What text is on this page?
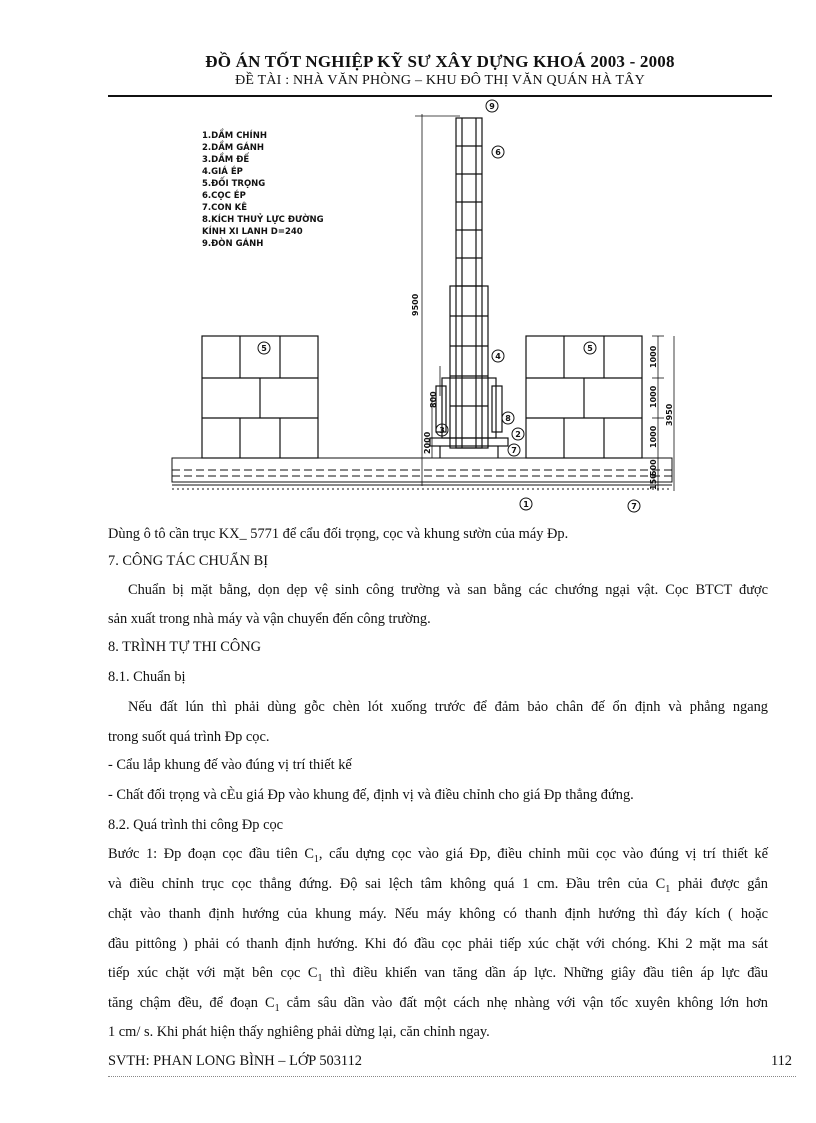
ĐỒ ÁN TỐT NGHIỆP KỸ SƯ XÂY DỰNG KHOÁ 2003 - 2008
ĐỀ TÀI : NHÀ VĂN PHÒNG – KHU ĐÔ THỊ VĂN QUÁN HÀ TÂY
1.DẦM CHÍNH
2.DẦM GÁNH
3.DẦM ĐẾ
4.GIÁ ÉP
5.ĐỐI TRỌNG
6.CỌC ÉP
7.CON KÊ
8.KÍCH THUỶ LỰC ĐƯỜNG
KÍNH XI LANH D=240
9.ĐÒN GÁNH
9500
800
2000
1000
1000
1000
500
150
3950
9
6
4
5	5
8
3	2
7
1	7
Dùng ô tô cần trục KX_ 5771 để cẩu đối trọng, cọc và khung sườn của máy Ðp.
7. CÔNG TÁC CHUẨN BỊ
Chuẩn bị mặt bằng, dọn dẹp vệ sinh công trường và san bằng các chướng ngại vật. Cọc BTCT được
sản xuất trong nhà máy và vận chuyển đến công trường.
8. TRÌNH TỰ THI CÔNG
8.1. Chuẩn bị
Nếu đất lún thì phải dùng gỗc chèn lót xuống trước để đảm bảo chân đế ổn định và phẳng ngang
trong suốt quá trình Ðp cọc.
- Cẩu lắp khung đế vào đúng vị trí thiết kế
- Chất đối trọng và cÈu giá Ðp vào khung đế, định vị và điều chỉnh cho giá Ðp thẳng đứng.
8.2. Quá trình thi công Ðp cọc
Bước 1: Ðp đoạn cọc đầu tiên $C_1$, cẩu dựng cọc vào giá Ðp, điều chỉnh mũi cọc vào đúng vị trí thiết kế
và điều chỉnh trục cọc thẳng đứng. Độ sai lệch tâm không quá 1 cm. Đầu trên của $C_1$ phải được gắn
chặt vào thanh định hướng của khung máy. Nếu máy không có thanh định hướng thì đáy kích ( hoặc
đầu pittông ) phải có thanh định hướng. Khi đó đầu cọc phải tiếp xúc chặt với chóng. Khi 2 mặt ma sát
tiếp xúc chặt với mặt bên cọc $C_1$ thì điều khiển van tăng dần áp lực. Những giây đầu tiên áp lực đầu
tăng chậm đều, để đoạn $C_1$ cắm sâu dần vào đất một cách nhẹ nhàng với vận tốc xuyên không lớn hơn
1 cm/ s. Khi phát hiện thấy nghiêng phải dừng lại, căn chỉnh ngay.
SVTH: PHAN LONG BÌNH – LỚP 503112	112
